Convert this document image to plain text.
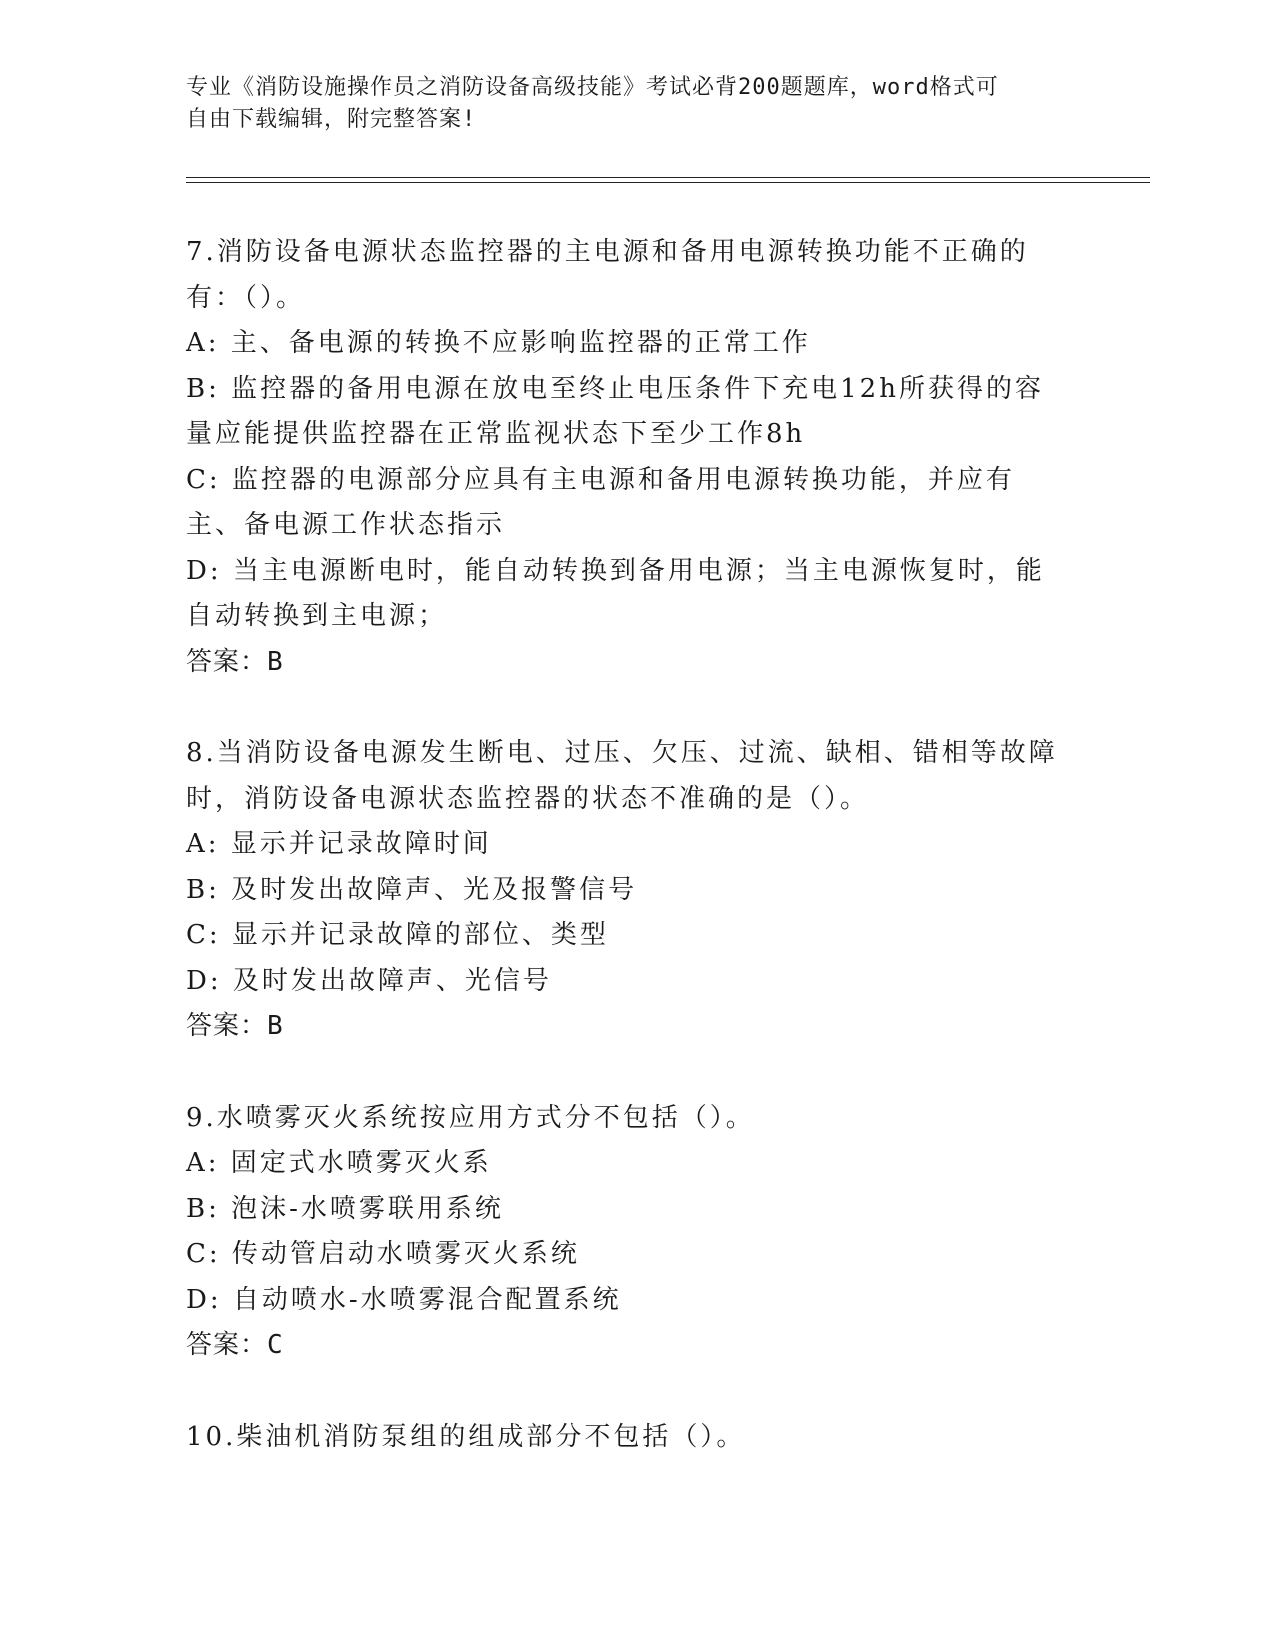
专业《消防设施操作员之消防设备高级技能》考试必背200题题库，word格式可
自由下载编辑，附完整答案!

7.消防设备电源状态监控器的主电源和备用电源转换功能不正确的有：（）。

A: 主、备电源的转换不应影响监控器的正常工作

B: 监控器的备用电源在放电至终止电压条件下充电12h所获得的容量应能提供监控器在正常监视状态下至少工作8h

C: 监控器的电源部分应具有主电源和备用电源转换功能，并应有主、备电源工作状态指示

D: 当主电源断电时，能自动转换到备用电源；当主电源恢复时，能自动转换到主电源；

答案：B

8.当消防设备电源发生断电、过压、欠压、过流、缺相、错相等故障时，消防设备电源状态监控器的状态不准确的是（）。

A: 显示并记录故障时间

B: 及时发出故障声、光及报警信号

C: 显示并记录故障的部位、类型

D: 及时发出故障声、光信号

答案：B

9.水喷雾灭火系统按应用方式分不包括（）。

A: 固定式水喷雾灭火系

B: 泡沫-水喷雾联用系统

C: 传动管启动水喷雾灭火系统

D: 自动喷水-水喷雾混合配置系统

答案：C

10.柴油机消防泵组的组成部分不包括（）。
